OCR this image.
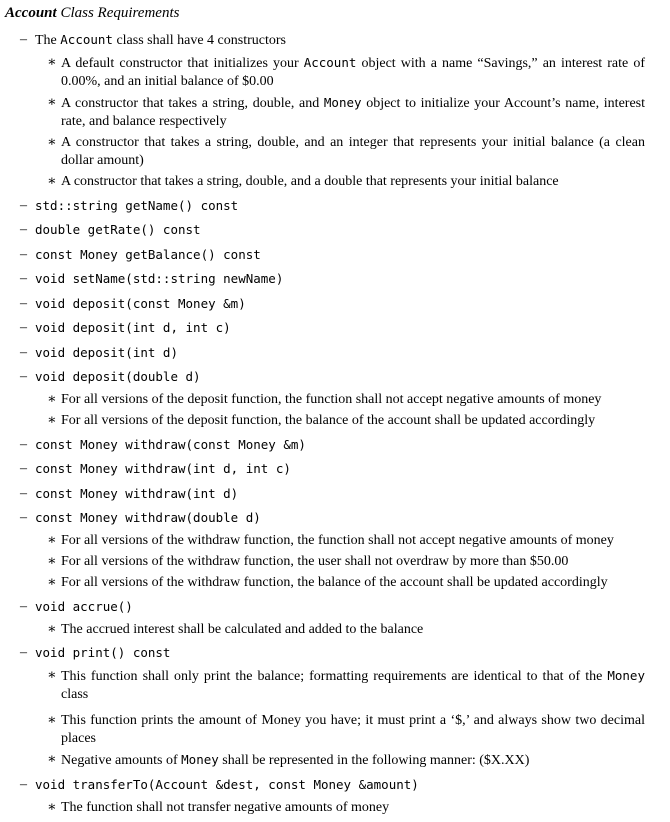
Account Class Requirements
– The Account class shall have 4 constructors
∗ A default constructor that initializes your Account object with a name “Savings,” an interest rate of 0.00%, and an initial balance of $0.00
∗ A constructor that takes a string, double, and Money object to initialize your Account’s name, interest rate, and balance respectively
∗ A constructor that takes a string, double, and an integer that represents your initial balance (a clean dollar amount)
∗ A constructor that takes a string, double, and a double that represents your initial balance
– std::string getName() const
– double getRate() const
– const Money getBalance() const
– void setName(std::string newName)
– void deposit(const Money &m)
– void deposit(int d, int c)
– void deposit(int d)
– void deposit(double d)
∗ For all versions of the deposit function, the function shall not accept negative amounts of money
∗ For all versions of the deposit function, the balance of the account shall be updated accordingly
– const Money withdraw(const Money &m)
– const Money withdraw(int d, int c)
– const Money withdraw(int d)
– const Money withdraw(double d)
∗ For all versions of the withdraw function, the function shall not accept negative amounts of money
∗ For all versions of the withdraw function, the user shall not overdraw by more than $50.00
∗ For all versions of the withdraw function, the balance of the account shall be updated accordingly
– void accrue()
∗ The accrued interest shall be calculated and added to the balance
– void print() const
∗ This function shall only print the balance; formatting requirements are identical to that of the Money class
∗ This function prints the amount of Money you have; it must print a ‘$,’ and always show two decimal places
∗ Negative amounts of Money shall be represented in the following manner: ($X.XX)
– void transferTo(Account &dest, const Money &amount)
∗ The function shall not transfer negative amounts of money
